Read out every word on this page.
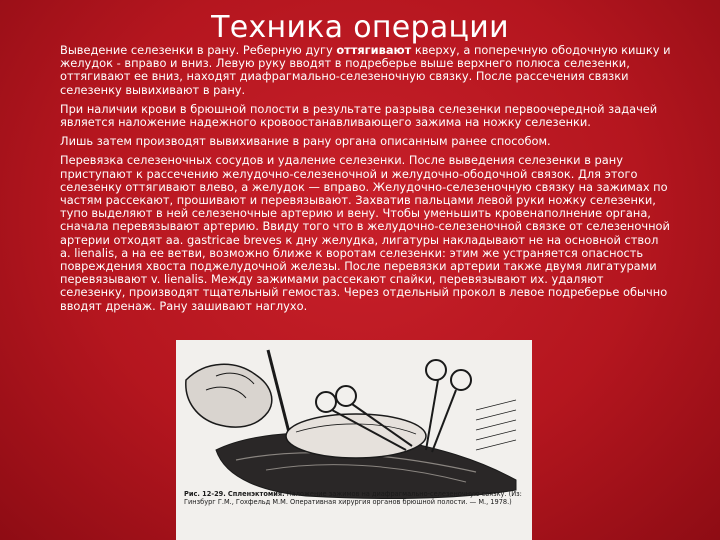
Техника операции

Выведение селезенки в рану. Реберную дугу оттягивают кверху, а поперечную ободочную кишку и желудок - вправо и вниз. Левую руку вводят в подреберье выше верхнего полюса селезенки, оттягивают ее вниз, находят диафрагмально-селезеночную связку. После рассечения связки селезенку вывихивают в рану.

При наличии крови в брюшной полости в результате разрыва селезенки первоочередной задачей является наложение надежного кровоостанавливающего зажима на ножку селезенки.

Лишь затем производят вывихивание в рану органа описанным ранее способом.

Перевязка селезеночных сосудов и удаление селезенки. После выведения селезенки в рану приступают к рассечению желудочно-селезеночной и желудочно-ободочной связок. Для этого селезенку оттягивают влево, а желудок — вправо. Желудочно-селезеночную связку на зажимах по частям рассекают, прошивают и перевязывают. Захватив пальцами левой руки ножку селезенки, тупо выделяют в ней селезеночные артерию и вену. Чтобы уменьшить кровенаполнение органа, сначала перевязывают артерию. Ввиду того что в желудочно-селезеночной связке от селезеночной артерии отходят аа. gastricae breves к дну желудка, лигатуры накладывают не на основной ствол а. lienalis, а на ее ветви, возможно ближе к воротам селезенки: этим же устраняется опасность повреждения хвоста поджелудочной железы. После перевязки артерии также двумя лигатурами перевязывают v. lienalis. Между зажимами рассекают спайки, перевязывают их. удаляют селезенку, производят тщательный гемостаз. Через отдельный прокол в левое подреберье обычно вводят дренаж. Рану зашивают наглухо.

Рис. 12-29. Спленэктомия. Наложение зажимов на диафрагмально-селезеночную связку. (Из: Гинзбург Г.М., Гохфельд М.М. Оперативная хирургия органов брюшной полости. — М., 1978.)
